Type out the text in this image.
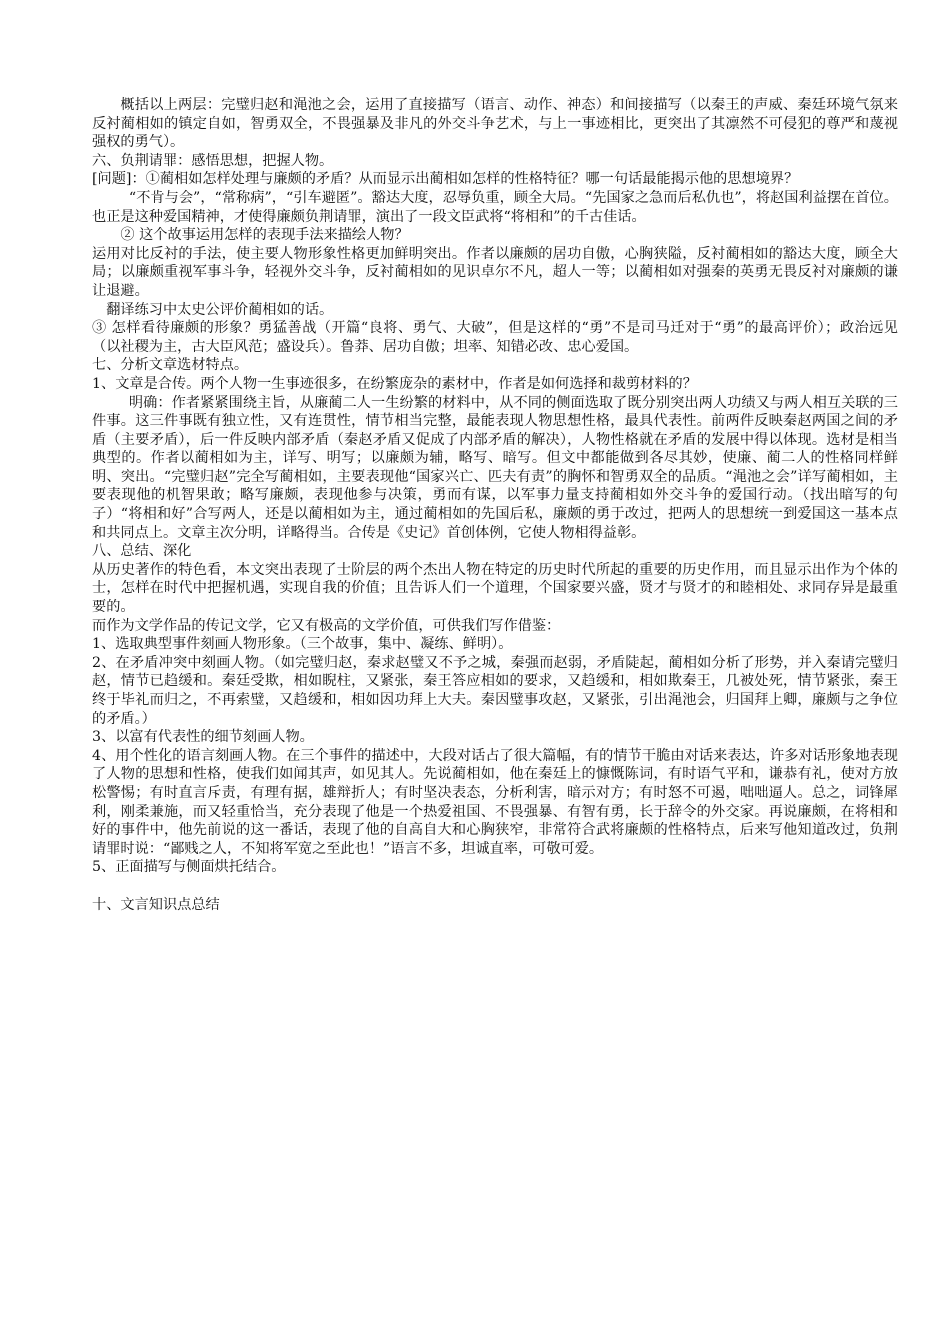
概括以上两层：完璧归赵和渑池之会，运用了直接描写（语言、动作、神态）和间接描写（以秦王的声威、秦廷环境气氛来反衬蔺相如的镇定自如，智勇双全，不畏强暴及非凡的外交斗争艺术，与上一事迹相比，更突出了其凛然不可侵犯的尊严和蔑视强权的勇气）。

六、负荆请罪：感悟思想，把握人物。

[问题]：①蔺相如怎样处理与廉颇的矛盾？从而显示出蔺相如怎样的性格特征？哪一句话最能揭示他的思想境界？

“不肯与会”，“常称病”，“引车避匿”。豁达大度，忍辱负重，顾全大局。“先国家之急而后私仇也”，将赵国利益摆在首位。也正是这种爱国精神，才使得廉颇负荆请罪，演出了一段文臣武将“将相和”的千古佳话。

② 这个故事运用怎样的表现手法来描绘人物？

运用对比反衬的手法，使主要人物形象性格更加鲜明突出。作者以廉颇的居功自傲，心胸狭隘，反衬蔺相如的豁达大度，顾全大局；以廉颇重视军事斗争，轻视外交斗争，反衬蔺相如的见识卓尔不凡，超人一等；以蔺相如对强秦的英勇无畏反衬对廉颇的谦让退避。

翻译练习中太史公评价蔺相如的话。

③ 怎样看待廉颇的形象？勇猛善战（开篇“良将、勇气、大破”，但是这样的“勇”不是司马迁对于“勇”的最高评价）；政治远见（以社稷为主，古大臣风范；盛设兵）。鲁莽、居功自傲；坦率、知错必改、忠心爱国。

七、分析文章选材特点。

1、文章是合传。两个人物一生事迹很多，在纷繁庞杂的素材中，作者是如何选择和裁剪材料的？

明确：作者紧紧围绕主旨，从廉蔺二人一生纷繁的材料中，从不同的侧面选取了既分别突出两人功绩又与两人相互关联的三件事。这三件事既有独立性，又有连贯性，情节相当完整，最能表现人物思想性格，最具代表性。前两件反映秦赵两国之间的矛盾（主要矛盾），后一件反映内部矛盾（秦赵矛盾又促成了内部矛盾的解决），人物性格就在矛盾的发展中得以体现。选材是相当典型的。作者以蔺相如为主，详写、明写；以廉颇为辅，略写、暗写。但文中都能做到各尽其妙，使廉、蔺二人的性格同样鲜明、突出。“完璧归赵”完全写蔺相如，主要表现他“国家兴亡、匹夫有责”的胸怀和智勇双全的品质。“渑池之会”详写蔺相如，主要表现他的机智果敢；略写廉颇，表现他参与决策，勇而有谋，以军事力量支持蔺相如外交斗争的爱国行动。（找出暗写的句子）“将相和好”合写两人，还是以蔺相如为主，通过蔺相如的先国后私，廉颇的勇于改过，把两人的思想统一到爱国这一基本点和共同点上。文章主次分明，详略得当。合传是《史记》首创体例，它使人物相得益彰。

八、总结、深化

从历史著作的特色看，本文突出表现了士阶层的两个杰出人物在特定的历史时代所起的重要的历史作用，而且显示出作为个体的士，怎样在时代中把握机遇，实现自我的价值；且告诉人们一个道理，个国家要兴盛，贤才与贤才的和睦相处、求同存异是最重要的。

而作为文学作品的传记文学，它又有极高的文学价值，可供我们写作借鉴：

1、选取典型事件刻画人物形象。（三个故事，集中、凝练、鲜明）。

2、在矛盾冲突中刻画人物。（如完璧归赵，秦求赵璧又不予之城，秦强而赵弱，矛盾陡起，蔺相如分析了形势，并入秦请完璧归赵，情节已趋缓和。秦廷受欺，相如睨柱，又紧张，秦王答应相如的要求，又趋缓和，相如欺秦王，几被处死，情节紧张，秦王终于毕礼而归之，不再索璧，又趋缓和，相如因功拜上大夫。秦因璧事攻赵，又紧张，引出渑池会，归国拜上卿，廉颇与之争位的矛盾。）

3、以富有代表性的细节刻画人物。

4、用个性化的语言刻画人物。在三个事件的描述中，大段对话占了很大篇幅，有的情节干脆由对话来表达，许多对话形象地表现了人物的思想和性格，使我们如闻其声，如见其人。先说蔺相如，他在秦廷上的慷慨陈词，有时语气平和，谦恭有礼，使对方放松警惕；有时直言斥责，有理有据，雄辩折人；有时坚决表态，分析利害，暗示对方；有时怒不可遏，咄咄逼人。总之，词锋犀利，刚柔兼施，而又轻重恰当，充分表现了他是一个热爱祖国、不畏强暴、有智有勇，长于辞令的外交家。再说廉颇，在将相和好的事件中，他先前说的这一番话，表现了他的自高自大和心胸狭窄，非常符合武将廉颇的性格特点，后来写他知道改过，负荆请罪时说：“鄙贱之人，不知将军宽之至此也！”语言不多，坦诚直率，可敬可爱。

5、正面描写与侧面烘托结合。

十、文言知识点总结
